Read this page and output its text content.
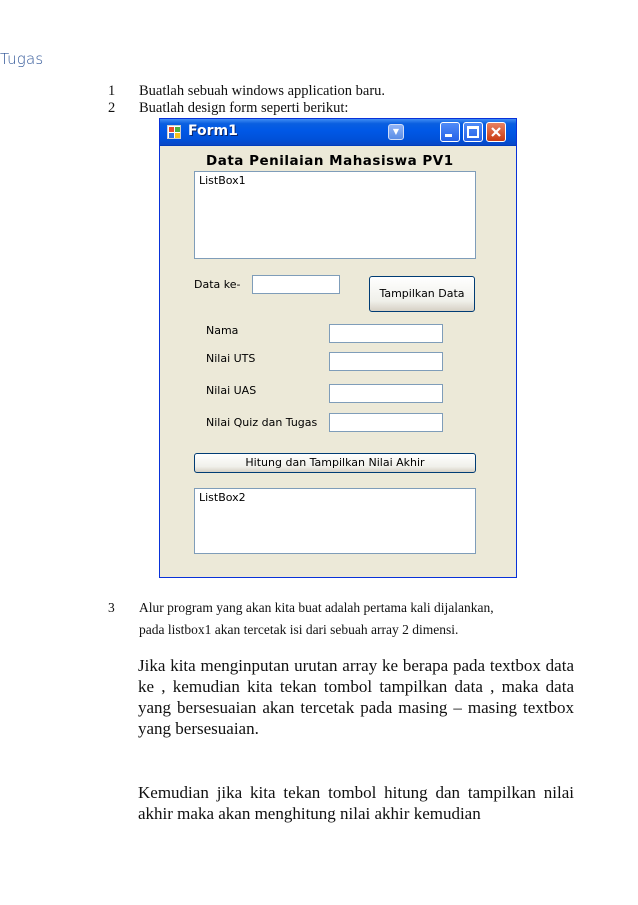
Tugas
1 Buatlah sebuah windows application baru.
2 Buatlah design form seperti berikut:
Form1	▼
Data Penilaian Mahasiswa PV1
ListBox1
Data ke-
Tampilkan Data
Nama
Nilai UTS
Nilai UAS
Nilai Quiz dan Tugas
Hitung dan Tampilkan Nilai Akhir
ListBox2
3 Alur program yang akan kita buat adalah pertama kali dijalankan,
pada listbox1 akan tercetak isi dari sebuah array 2 dimensi.
Jika kita menginputan urutan array ke berapa pada textbox data ke , kemudian kita tekan tombol tampilkan data , maka data yang bersesuaian akan tercetak pada masing – masing textbox yang bersesuaian.
Kemudian jika kita tekan tombol hitung dan tampilkan nilai akhir maka akan menghitung nilai akhir kemudian
